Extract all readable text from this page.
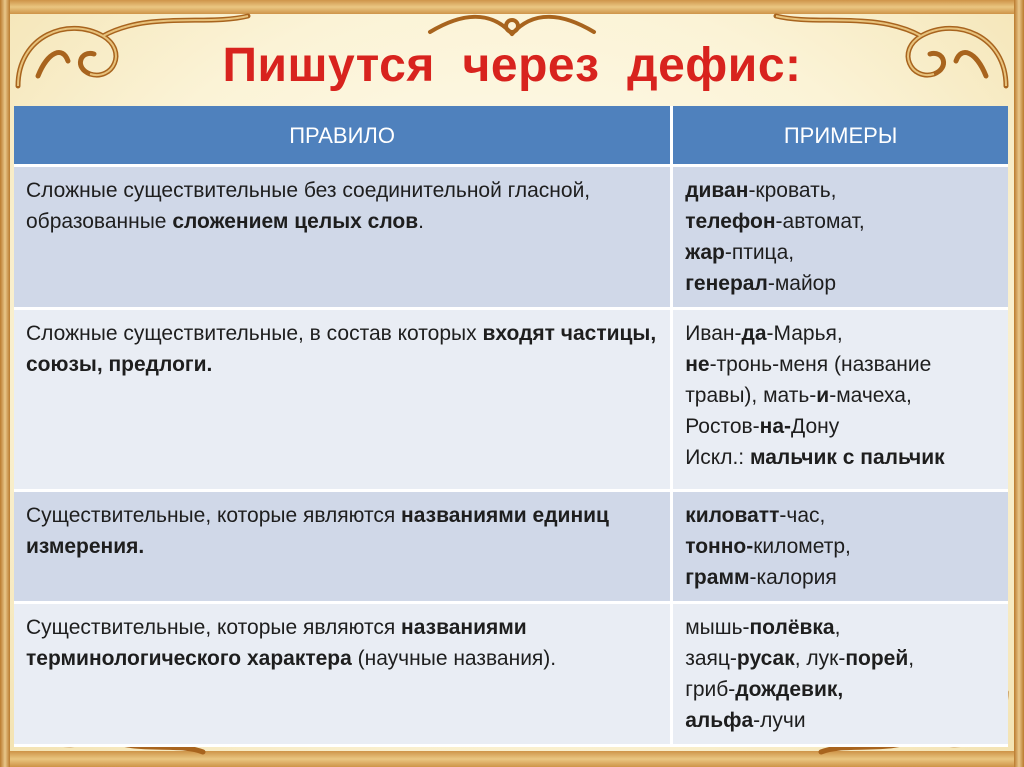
Пишутся  через  дефис:
ПРАВИЛО	ПРИМЕРЫ
Сложные существительные без соединительной гласной, образованные сложением целых слов.	диван-кровать,
телефон-автомат,
жар-птица,
генерал-майор

Сложные существительные, в состав которых входят частицы, союзы, предлоги.	Иван-да-Марья,
не-тронь-меня (название травы), мать-и-мачеха,
Ростов-на-Дону
Искл.: мальчик с пальчик

Существительные, которые являются названиями единиц измерения.	киловатт-час,
тонно-километр,
грамм-калория

Существительные, которые являются названиями терминологического характера (научные названия).	мышь-полёвка,
заяц-русак, лук-порей,
гриб-дождевик,
альфа-лучи
